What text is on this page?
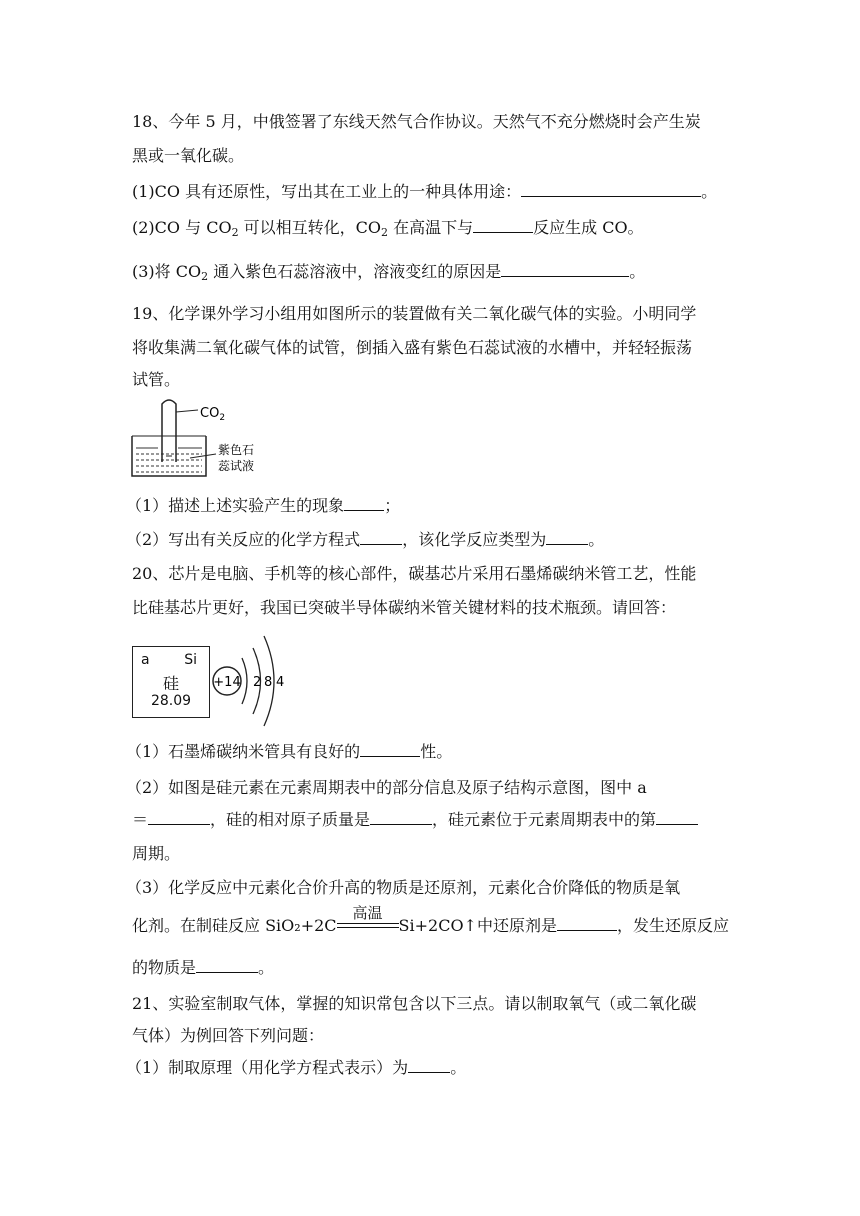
18、今年 5 月，中俄签署了东线天然气合作协议。天然气不充分燃烧时会产生炭
黑或一氧化碳。
(1)CO 具有还原性，写出其在工业上的一种具体用途：	。
(2)CO 与 $CO_2$ 可以相互转化，$CO_2$ 在高温下与	反应生成 CO。
(3)将 $CO_2$ 通入紫色石蕊溶液中，溶液变红的原因是	。
19、化学课外学习小组用如图所示的装置做有关二氧化碳气体的实验。小明同学
将收集满二氧化碳气体的试管，倒插入盛有紫色石蕊试液的水槽中，并轻轻振荡
试管。
$CO_2$
紫色石
蕊试液
（1）描述上述实验产生的现象	；
（2）写出有关反应的化学方程式	，该化学反应类型为	。
20、芯片是电脑、手机等的核心部件，碳基芯片采用石墨烯碳纳米管工艺，性能
比硅基芯片更好，我国已突破半导体碳纳米管关键材料的技术瓶颈。请回答：
a Si
硅
28.09
+14 2 8 4
（1）石墨烯碳纳米管具有良好的	性。
（2）如图是硅元素在元素周期表中的部分信息及原子结构示意图，图中 a
＝	，硅的相对原子质量是	，硅元素位于元素周期表中的第
周期。
（3）化学反应中元素化合价升高的物质是还原剂，元素化合价降低的物质是氧
化剂。在制硅反应 SiO₂+2C
高温
Si+2CO↑中还原剂是	，发生还原反应
的物质是	。
21、实验室制取气体，掌握的知识常包含以下三点。请以制取氧气（或二氧化碳
气体）为例回答下列问题：
（1）制取原理（用化学方程式表示）为	。
